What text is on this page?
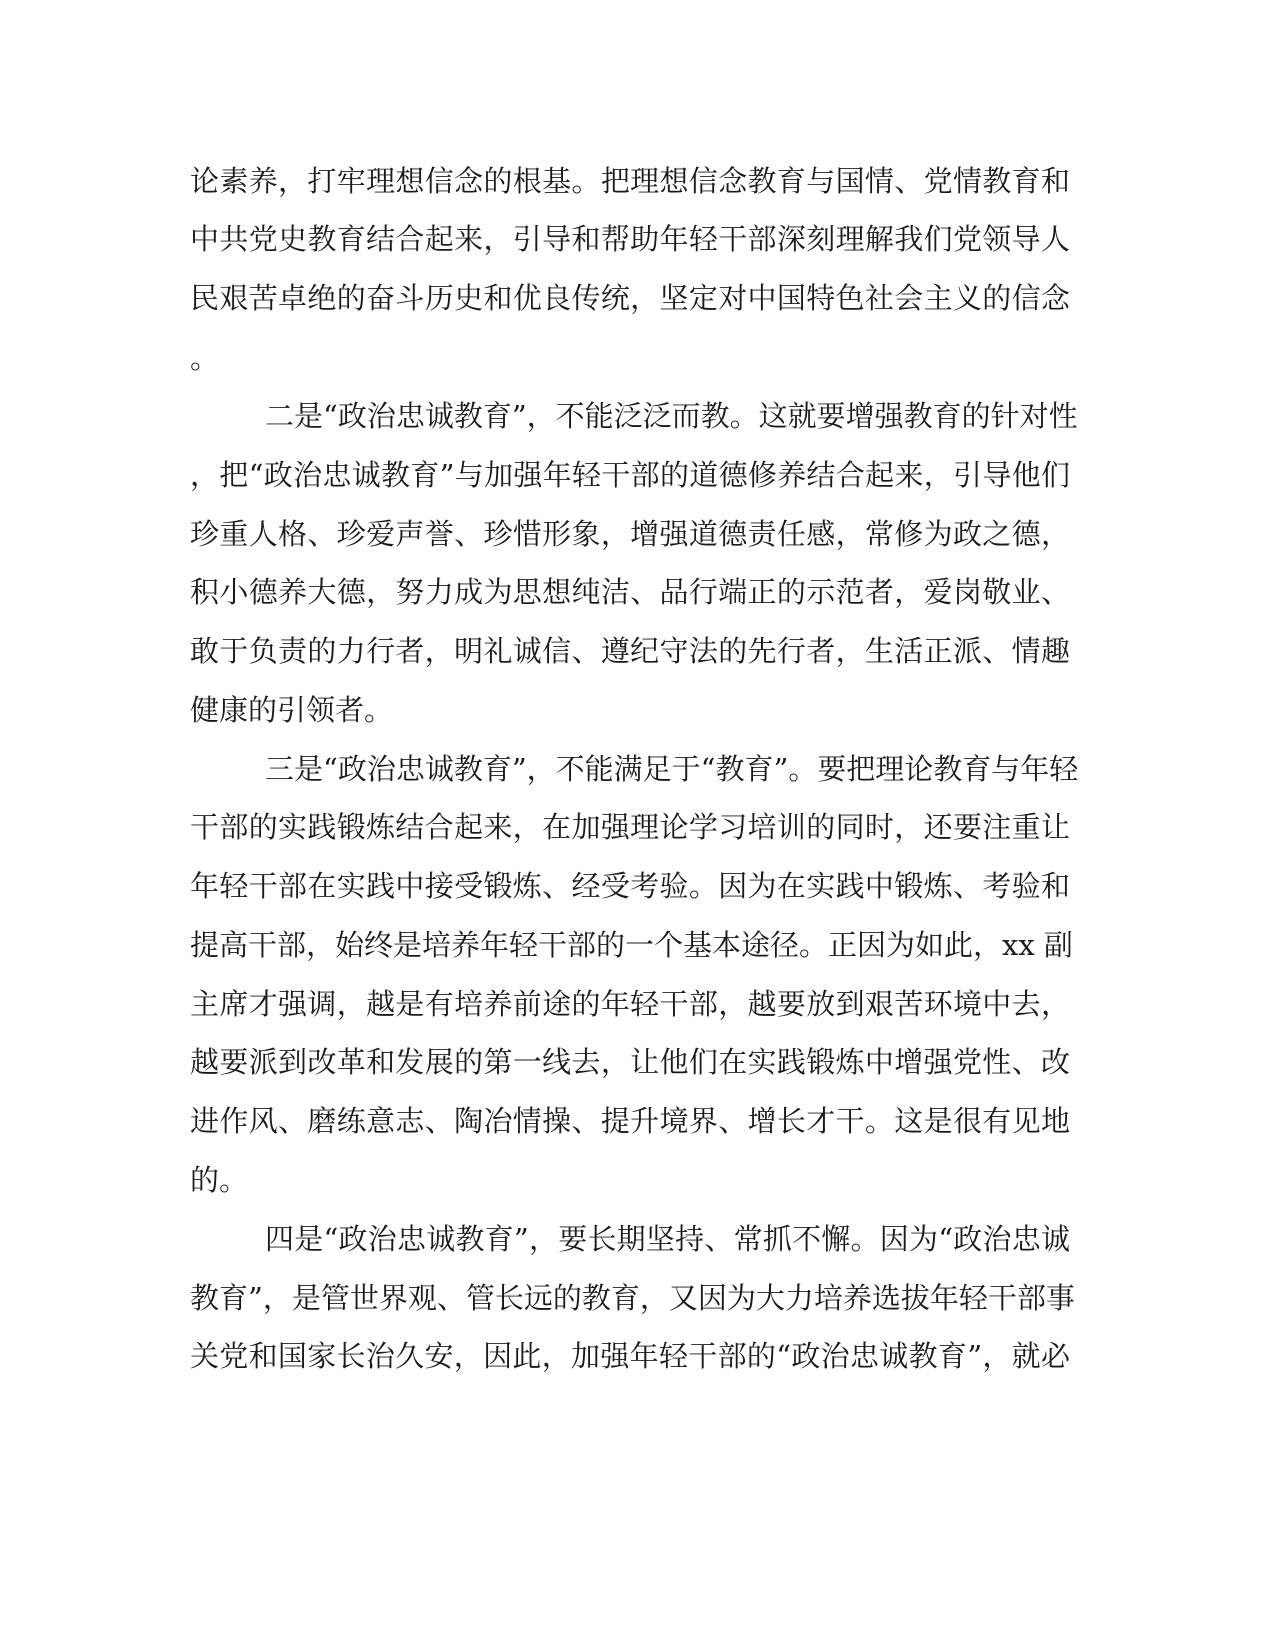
论素养，打牢理想信念的根基。把理想信念教育与国情、党情教育和
中共党史教育结合起来，引导和帮助年轻干部深刻理解我们党领导人
民艰苦卓绝的奋斗历史和优良传统，坚定对中国特色社会主义的信念
。
二是“政治忠诚教育”，不能泛泛而教。这就要增强教育的针对性
，把“政治忠诚教育”与加强年轻干部的道德修养结合起来，引导他们
珍重人格、珍爱声誉、珍惜形象，增强道德责任感，常修为政之德，
积小德养大德，努力成为思想纯洁、品行端正的示范者，爱岗敬业、
敢于负责的力行者，明礼诚信、遵纪守法的先行者，生活正派、情趣
健康的引领者。
三是“政治忠诚教育”，不能满足于“教育”。要把理论教育与年轻
干部的实践锻炼结合起来，在加强理论学习培训的同时，还要注重让
年轻干部在实践中接受锻炼、经受考验。因为在实践中锻炼、考验和
提高干部，始终是培养年轻干部的一个基本途径。正因为如此，xx 副
主席才强调，越是有培养前途的年轻干部，越要放到艰苦环境中去，
越要派到改革和发展的第一线去，让他们在实践锻炼中增强党性、改
进作风、磨练意志、陶冶情操、提升境界、增长才干。这是很有见地
的。
四是“政治忠诚教育”，要长期坚持、常抓不懈。因为“政治忠诚
教育”，是管世界观、管长远的教育，又因为大力培养选拔年轻干部事
关党和国家长治久安，因此，加强年轻干部的“政治忠诚教育”，就必
